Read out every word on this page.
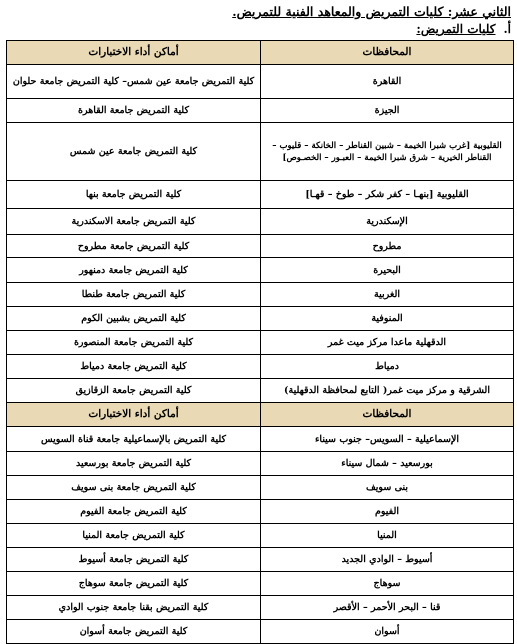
الثاني عشر: كليات التمريض والمعاهد الفنية للتمريض.
أ.كليات التمريض:
المحافظات	أماكن أداء الاختبارات
القاهرة	كلية التمريض جامعة عين شمس– كلية التمريض جامعة حلوان
الجيزة	كلية التمريض جامعة القاهرة
القليوبية [غرب شبرا الخيمة – شبين القناطر – الخانكة – قليوب – القناطر الخيرية – شرق شبرا الخيمة – العبـور – الخصـوص]	كلية التمريض جامعة عين شمس
القليوبية [بنهـا – كفر شكر – طوخ – قهـا]	كلية التمريض جامعة بنها
الإسكندرية	كلية التمريض جامعة الاسكندرية
مطروح	كلية التمريض جامعة مطروح
البحيرة	كلية التمريض جامعة دمنهور
الغربية	كلية التمريض جامعة طنطا
المنوفية	كلية التمريض بشبين الكوم
الدقهلية ماعدا مركز ميت غمر	كلية التمريض جامعة المنصورة
دمياط	كلية التمريض جامعة دمياط
الشرقية و مركز ميت غمر( التابع لمحافظة الدقهلية)	كلية التمريض جامعة الزقازيق
المحافظات	أماكن أداء الاختبارات
الإسماعيلية – السويس– جنوب سيناء	كلية التمريض بالإسماعيلية جامعة قناة السويس
بورسعيد – شمال سيناء	كلية التمريض جامعة بورسعيد
بنى سويف	كلية التمريض جامعة بنى سويف
الفيوم	كلية التمريض جامعة الفيوم
المنيا	كلية التمريض جامعة المنيا
أسيوط – الوادي الجديد	كلية التمريض جامعة أسيوط
سوهاج	كلية التمريض جامعة سوهاج
قنا – البحر الأحمر – الأقصر	كلية التمريض بقنا جامعة جنوب الوادي
أسوان	كلية التمريض جامعة أسوان
